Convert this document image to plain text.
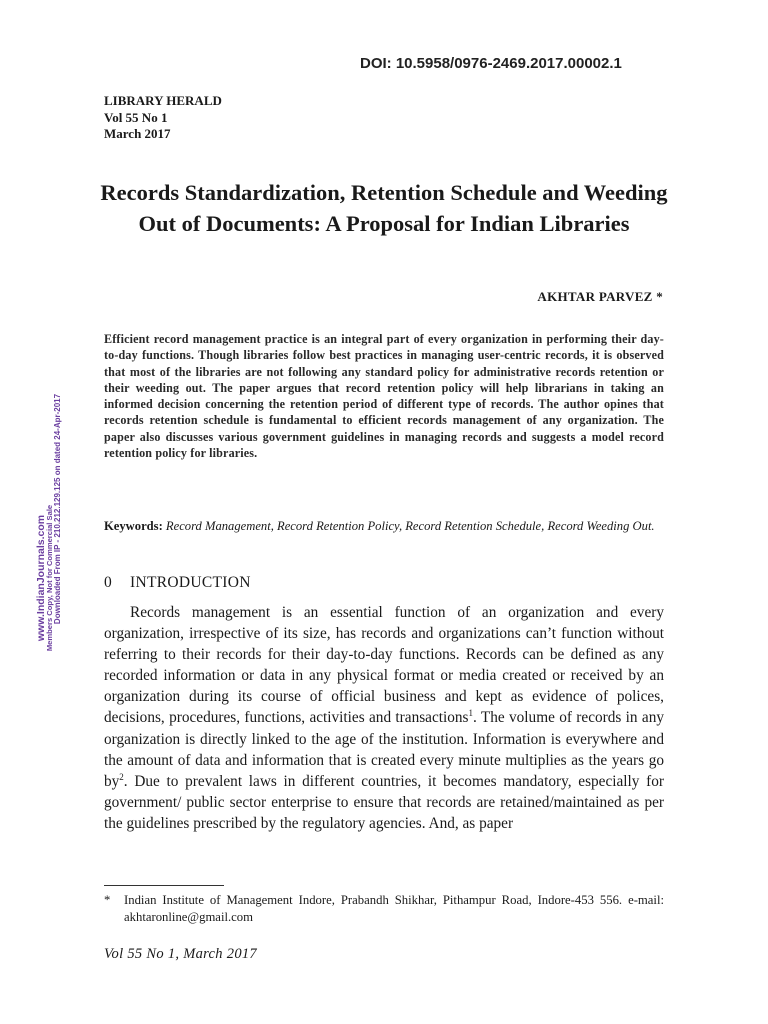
DOI: 10.5958/0976-2469.2017.00002.1
LIBRARY HERALD
Vol 55 No 1
March 2017
Records Standardization, Retention Schedule and Weeding Out of Documents: A Proposal for Indian Libraries
AKHTAR PARVEZ *
Efficient record management practice is an integral part of every organization in performing their day-to-day functions. Though libraries follow best practices in managing user-centric records, it is observed that most of the libraries are not following any standard policy for administrative records retention or their weeding out. The paper argues that record retention policy will help librarians in taking an informed decision concerning the retention period of different type of records. The author opines that records retention schedule is fundamental to efficient records management of any organization. The paper also discusses various government guidelines in managing records and suggests a model record retention policy for libraries.
Keywords: Record Management, Record Retention Policy, Record Retention Schedule, Record Weeding Out.
0 INTRODUCTION

Records management is an essential function of an organization and every organization, irrespective of its size, has records and organizations can’t function without referring to their records for their day-to-day functions. Records can be defined as any recorded information or data in any physical format or media created or received by an organization during its course of official business and kept as evidence of polices, decisions, procedures, functions, activities and transactions$^1$. The volume of records in any organization is directly linked to the age of the institution. Information is everywhere and the amount of data and information that is created every minute multiplies as the years go $by^2$. Due to prevalent laws in different countries, it becomes mandatory, especially for government/ public sector enterprise to ensure that records are retained/maintained as per the guidelines prescribed by the regulatory agencies. And, as paper

* Indian Institute of Management Indore, Prabandh Shikhar, Pithampur Road, Indore-453 556. e-mail: akhtaronline@gmail.com
Vol 55 No 1, March 2017
www.IndianJournals.com
Members Copy, Not for Commercial Sale Downloaded From IP - 210.212.129.125 on dated 24-Apr-2017
